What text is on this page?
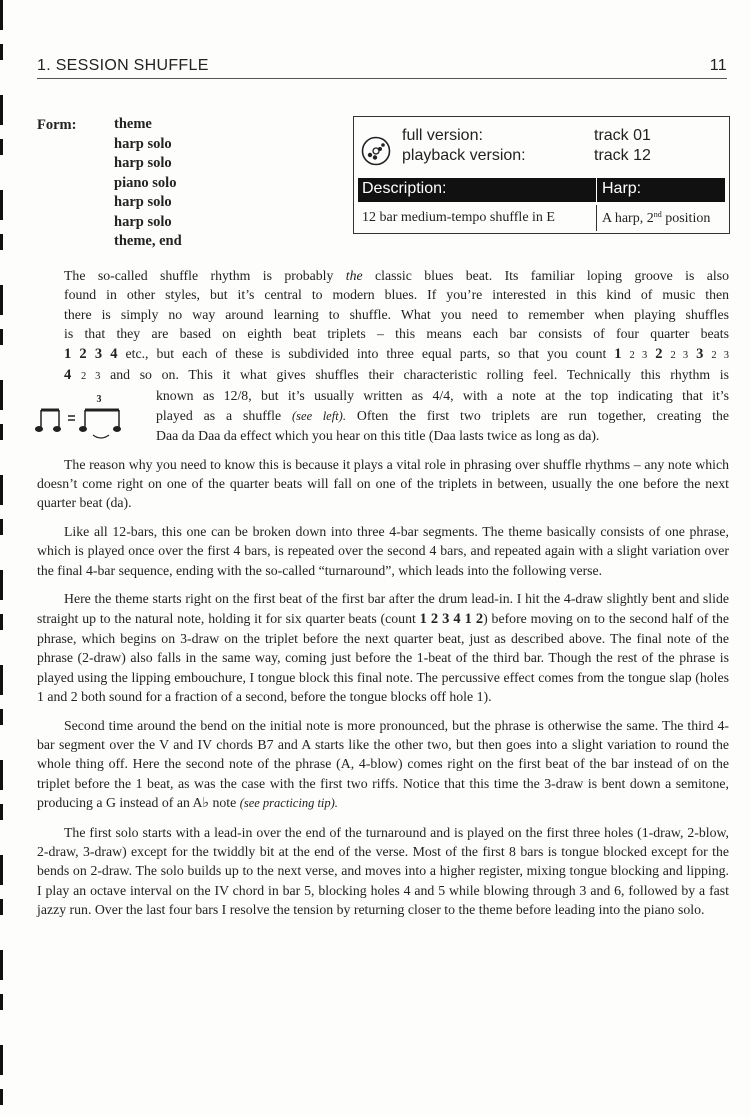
1. SESSION SHUFFLE	11
Form:	theme
harp solo
harp solo
piano solo
harp solo
harp solo
theme, end
full version:	track 01
playback version:	track 12
Description:	Harp:
12 bar medium-tempo shuffle in E	A harp, 2nd position

The so-called shuffle rhythm is probably the classic blues beat. Its familiar loping groove is also
found in other styles, but it’s central to modern blues. If you’re interested in this kind of music then
there is simply no way around learning to shuffle. What you need to remember when playing shuffles
is that they are based on eighth beat triplets – this means each bar consists of four quarter beats
1 2 3 4 etc., but each of these is subdivided into three equal parts, so that you count 1 2 3 2 2 3 3 2 3
4 2 3 and so on. This it what gives shuffles their characteristic rolling feel. Technically this rhythm is
3	known as 12/8, but it’s usually written as 4/4, with a note at the top indicating that it’s
played as a shuffle (see left). Often the first two triplets are run together, creating the
Daa da Daa da effect which you hear on this title (Daa lasts twice as long as da).

The reason why you need to know this is because it plays a vital role in phrasing over shuffle rhythms – any note which doesn’t come right on one of the quarter beats will fall on one of the triplets in between, usually the one before the next quarter beat (da).

Like all 12-bars, this one can be broken down into three 4-bar segments. The theme basically consists of one phrase, which is played once over the first 4 bars, is repeated over the second 4 bars, and repeated again with a slight variation over the final 4-bar sequence, ending with the so-called “turnaround”, which leads into the following verse.

Here the theme starts right on the first beat of the first bar after the drum lead-in. I hit the 4-draw slightly bent and slide straight up to the natural note, holding it for six quarter beats (count 1 2 3 4 1 2) before moving on to the second half of the phrase, which begins on 3-draw on the triplet before the next quarter beat, just as described above. The final note of the phrase (2-draw) also falls in the same way, coming just before the 1-beat of the third bar. Though the rest of the phrase is played using the lipping embouchure, I tongue block this final note. The percussive effect comes from the tongue slap (holes 1 and 2 both sound for a fraction of a second, before the tongue blocks off hole 1).

Second time around the bend on the initial note is more pronounced, but the phrase is otherwise the same. The third 4-bar segment over the V and IV chords B7 and A starts like the other two, but then goes into a slight variation to round the whole thing off. Here the second note of the phrase (A, 4-blow) comes right on the first beat of the bar instead of on the triplet before the 1 beat, as was the case with the first two riffs. Notice that this time the 3-draw is bent down a semitone, producing a G instead of an A♭ note (see practicing tip).

The first solo starts with a lead-in over the end of the turnaround and is played on the first three holes (1-draw, 2-blow, 2-draw, 3-draw) except for the twiddly bit at the end of the verse. Most of the first 8 bars is tongue blocked except for the bends on 2-draw. The solo builds up to the next verse, and moves into a higher register, mixing tongue blocking and lipping. I play an octave interval on the IV chord in bar 5, blocking holes 4 and 5 while blowing through 3 and 6, followed by a fast jazzy run. Over the last four bars I resolve the tension by returning closer to the theme before leading into the piano solo.
